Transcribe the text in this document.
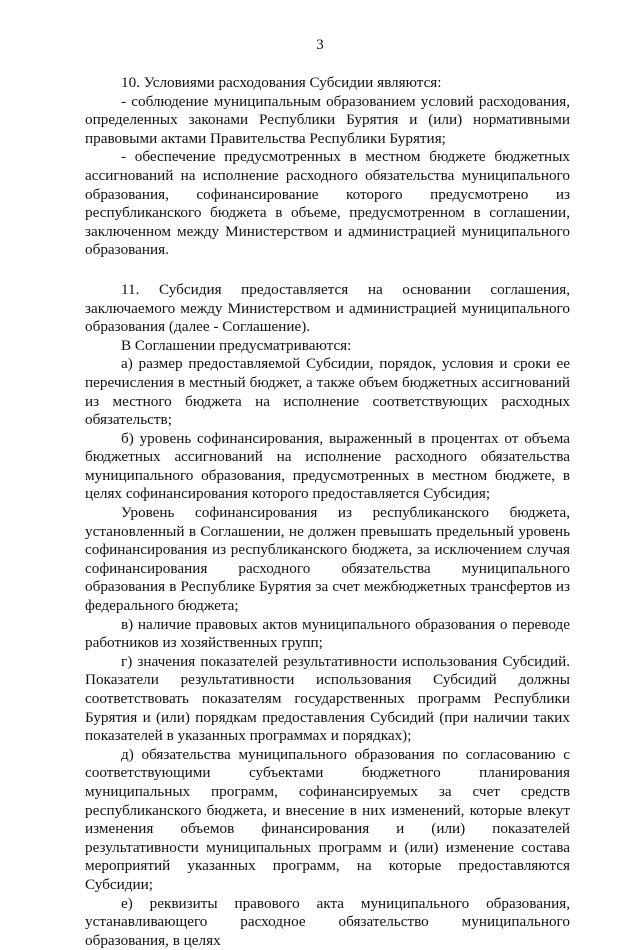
3

10. Условиями расходования Субсидии являются:

- соблюдение муниципальным образованием условий расходования, определенных законами Республики Бурятия и (или) нормативными правовыми актами Правительства Республики Бурятия;

- обеспечение предусмотренных в местном бюджете бюджетных ассигнований на исполнение расходного обязательства муниципального образования, софинансирование которого предусмотрено из республиканского бюджета в объеме, предусмотренном в соглашении, заключенном между Министерством и администрацией муниципального образования.

11. Субсидия предоставляется на основании соглашения, заключаемого между Министерством и администрацией муниципального образования (далее - Соглашение).

В Соглашении предусматриваются:

а) размер предоставляемой Субсидии, порядок, условия и сроки ее перечисления в местный бюджет, а также объем бюджетных ассигнований из местного бюджета на исполнение соответствующих расходных обязательств;

б) уровень софинансирования, выраженный в процентах от объема бюджетных ассигнований на исполнение расходного обязательства муниципального образования, предусмотренных в местном бюджете, в целях софинансирования которого предоставляется Субсидия;

Уровень софинансирования из республиканского бюджета, установленный в Соглашении, не должен превышать предельный уровень софинансирования из республиканского бюджета, за исключением случая софинансирования расходного обязательства муниципального образования в Республике Бурятия за счет межбюджетных трансфертов из федерального бюджета;

в) наличие правовых актов муниципального образования о переводе работников из хозяйственных групп;

г) значения показателей результативности использования Субсидий. Показатели результативности использования Субсидий должны соответствовать показателям государственных программ Республики Бурятия и (или) порядкам предоставления Субсидий (при наличии таких показателей в указанных программах и порядках);

д) обязательства муниципального образования по согласованию с соответствующими субъектами бюджетного планирования муниципальных программ, софинансируемых за счет средств республиканского бюджета, и внесение в них изменений, которые влекут изменения объемов финансирования и (или) показателей результативности муниципальных программ и (или) изменение состава мероприятий указанных программ, на которые предоставляются Субсидии;

е) реквизиты правового акта муниципального образования, устанавливающего расходное обязательство муниципального образования, в целях
